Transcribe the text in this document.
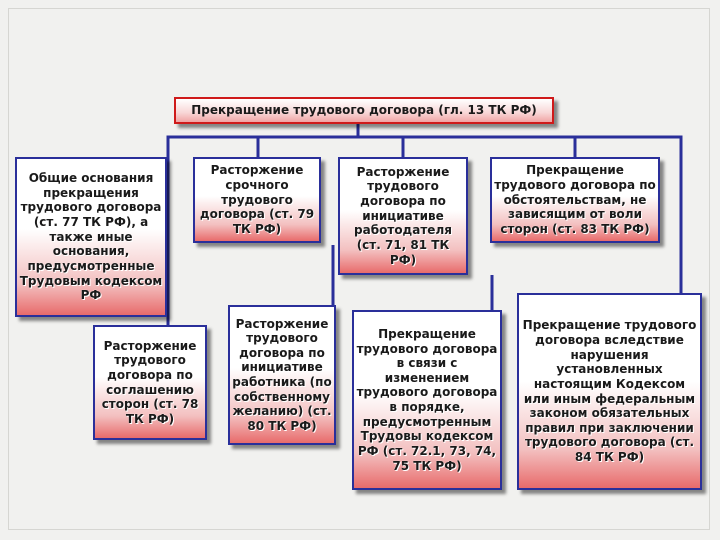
Прекращение трудового договора (гл. 13 ТК РФ)
Общие основания прекращения трудового договора (ст. 77 ТК РФ), а также иные основания, предусмотренные Трудовым кодексом РФ
Расторжение срочного трудового договора (ст. 79 ТК РФ)
Расторжение трудового договора по инициативе работодателя (ст. 71, 81 ТК РФ)
Прекращение трудового договора по обстоятельствам, не зависящим от воли сторон (ст. 83 ТК РФ)
Расторжение трудового договора по соглашению сторон (ст. 78 ТК РФ)
Расторжение трудового договора по инициативе работника (по собственному желанию) (ст. 80 ТК РФ)
Прекращение трудового договора в связи с изменением трудового договора в порядке, предусмотренным Трудовы кодексом РФ (ст. 72.1, 73, 74, 75 ТК РФ)
Прекращение трудового договора вследствие нарушения установленных настоящим Кодексом или иным федеральным законом обязательных правил при заключении трудового договора (ст. 84 ТК РФ)
